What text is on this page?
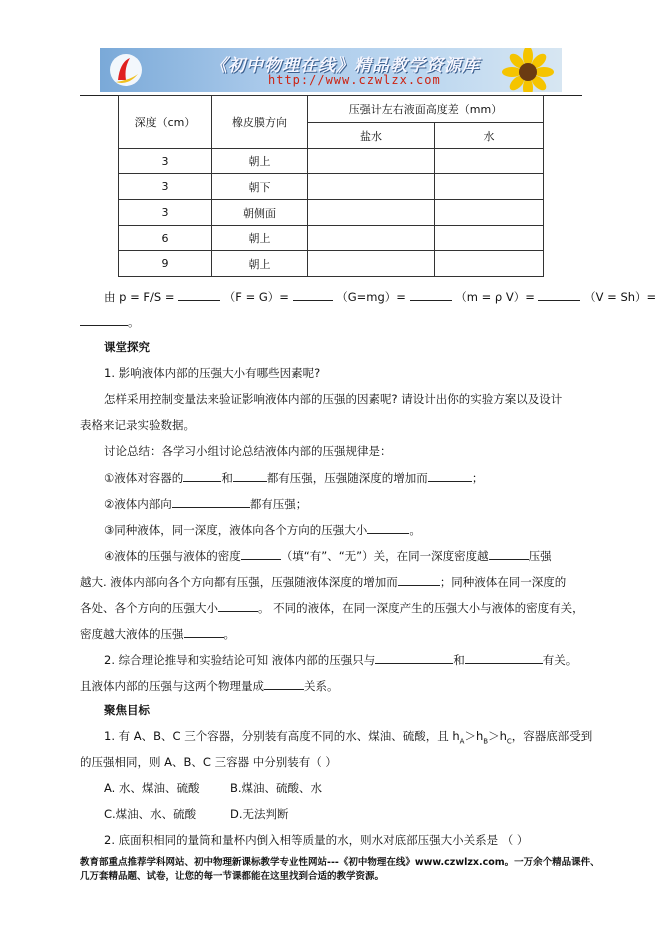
《初中物理在线》精品教学资源库
http://www.czwlzx.com
深度（cm）	橡皮膜方向	压强计左右液面高度差（mm）	
		盐水	水
3	朝上		
3	朝下		
3	朝侧面		
6	朝上		
9	朝上		
由 p = F/S =	（F = G）=	（G=mg）=	（m = ρ V）=	（V = Sh）=
。
课堂探究
1. 影响液体内部的压强大小有哪些因素呢?
怎样采用控制变量法来验证影响液体内部的压强的因素呢? 请设计出你的实验方案以及设计
表格来记录实验数据。
讨论总结：各学习小组讨论总结液体内部的压强规律是：
①液体对容器的	和	都有压强，压强随深度的增加而	；
②液体内部向	都有压强；
③同种液体，同一深度，液体向各个方向的压强大小	。
④液体的压强与液体的密度	（填“有”、“无”）关，在同一深度密度越	压强
越大. 液体内部向各个方向都有压强，压强随液体深度的增加而	；同种液体在同一深度的
各处、各个方向的压强大小	。 不同的液体，在同一深度产生的压强大小与液体的密度有关，
密度越大液体的压强	。
2. 综合理论推导和实验结论可知 液体内部的压强只与	和	有关。
且液体内部的压强与这两个物理量成	关系。
聚焦目标
1. 有 A、B、C 三个容器，分别装有高度不同的水、煤油、硫酸，且 $h_A>h_B>h_C$，容器底部受到
的压强相同，则 A、B、C 三容器 中分别装有（ ）
A. 水、煤油、硫酸	B.煤油、硫酸、水
C.煤油、水、硫酸	D.无法判断
2. 底面积相同的量筒和量杯内倒入相等质量的水，则水对底部压强大小关系是 （ ）
教育部重点推荐学科网站、初中物理新课标教学专业性网站---《初中物理在线》www.czwlzx.com。一万余个精品课件、
几万套精品题、试卷，让您的每一节课都能在这里找到合适的教学资源。
